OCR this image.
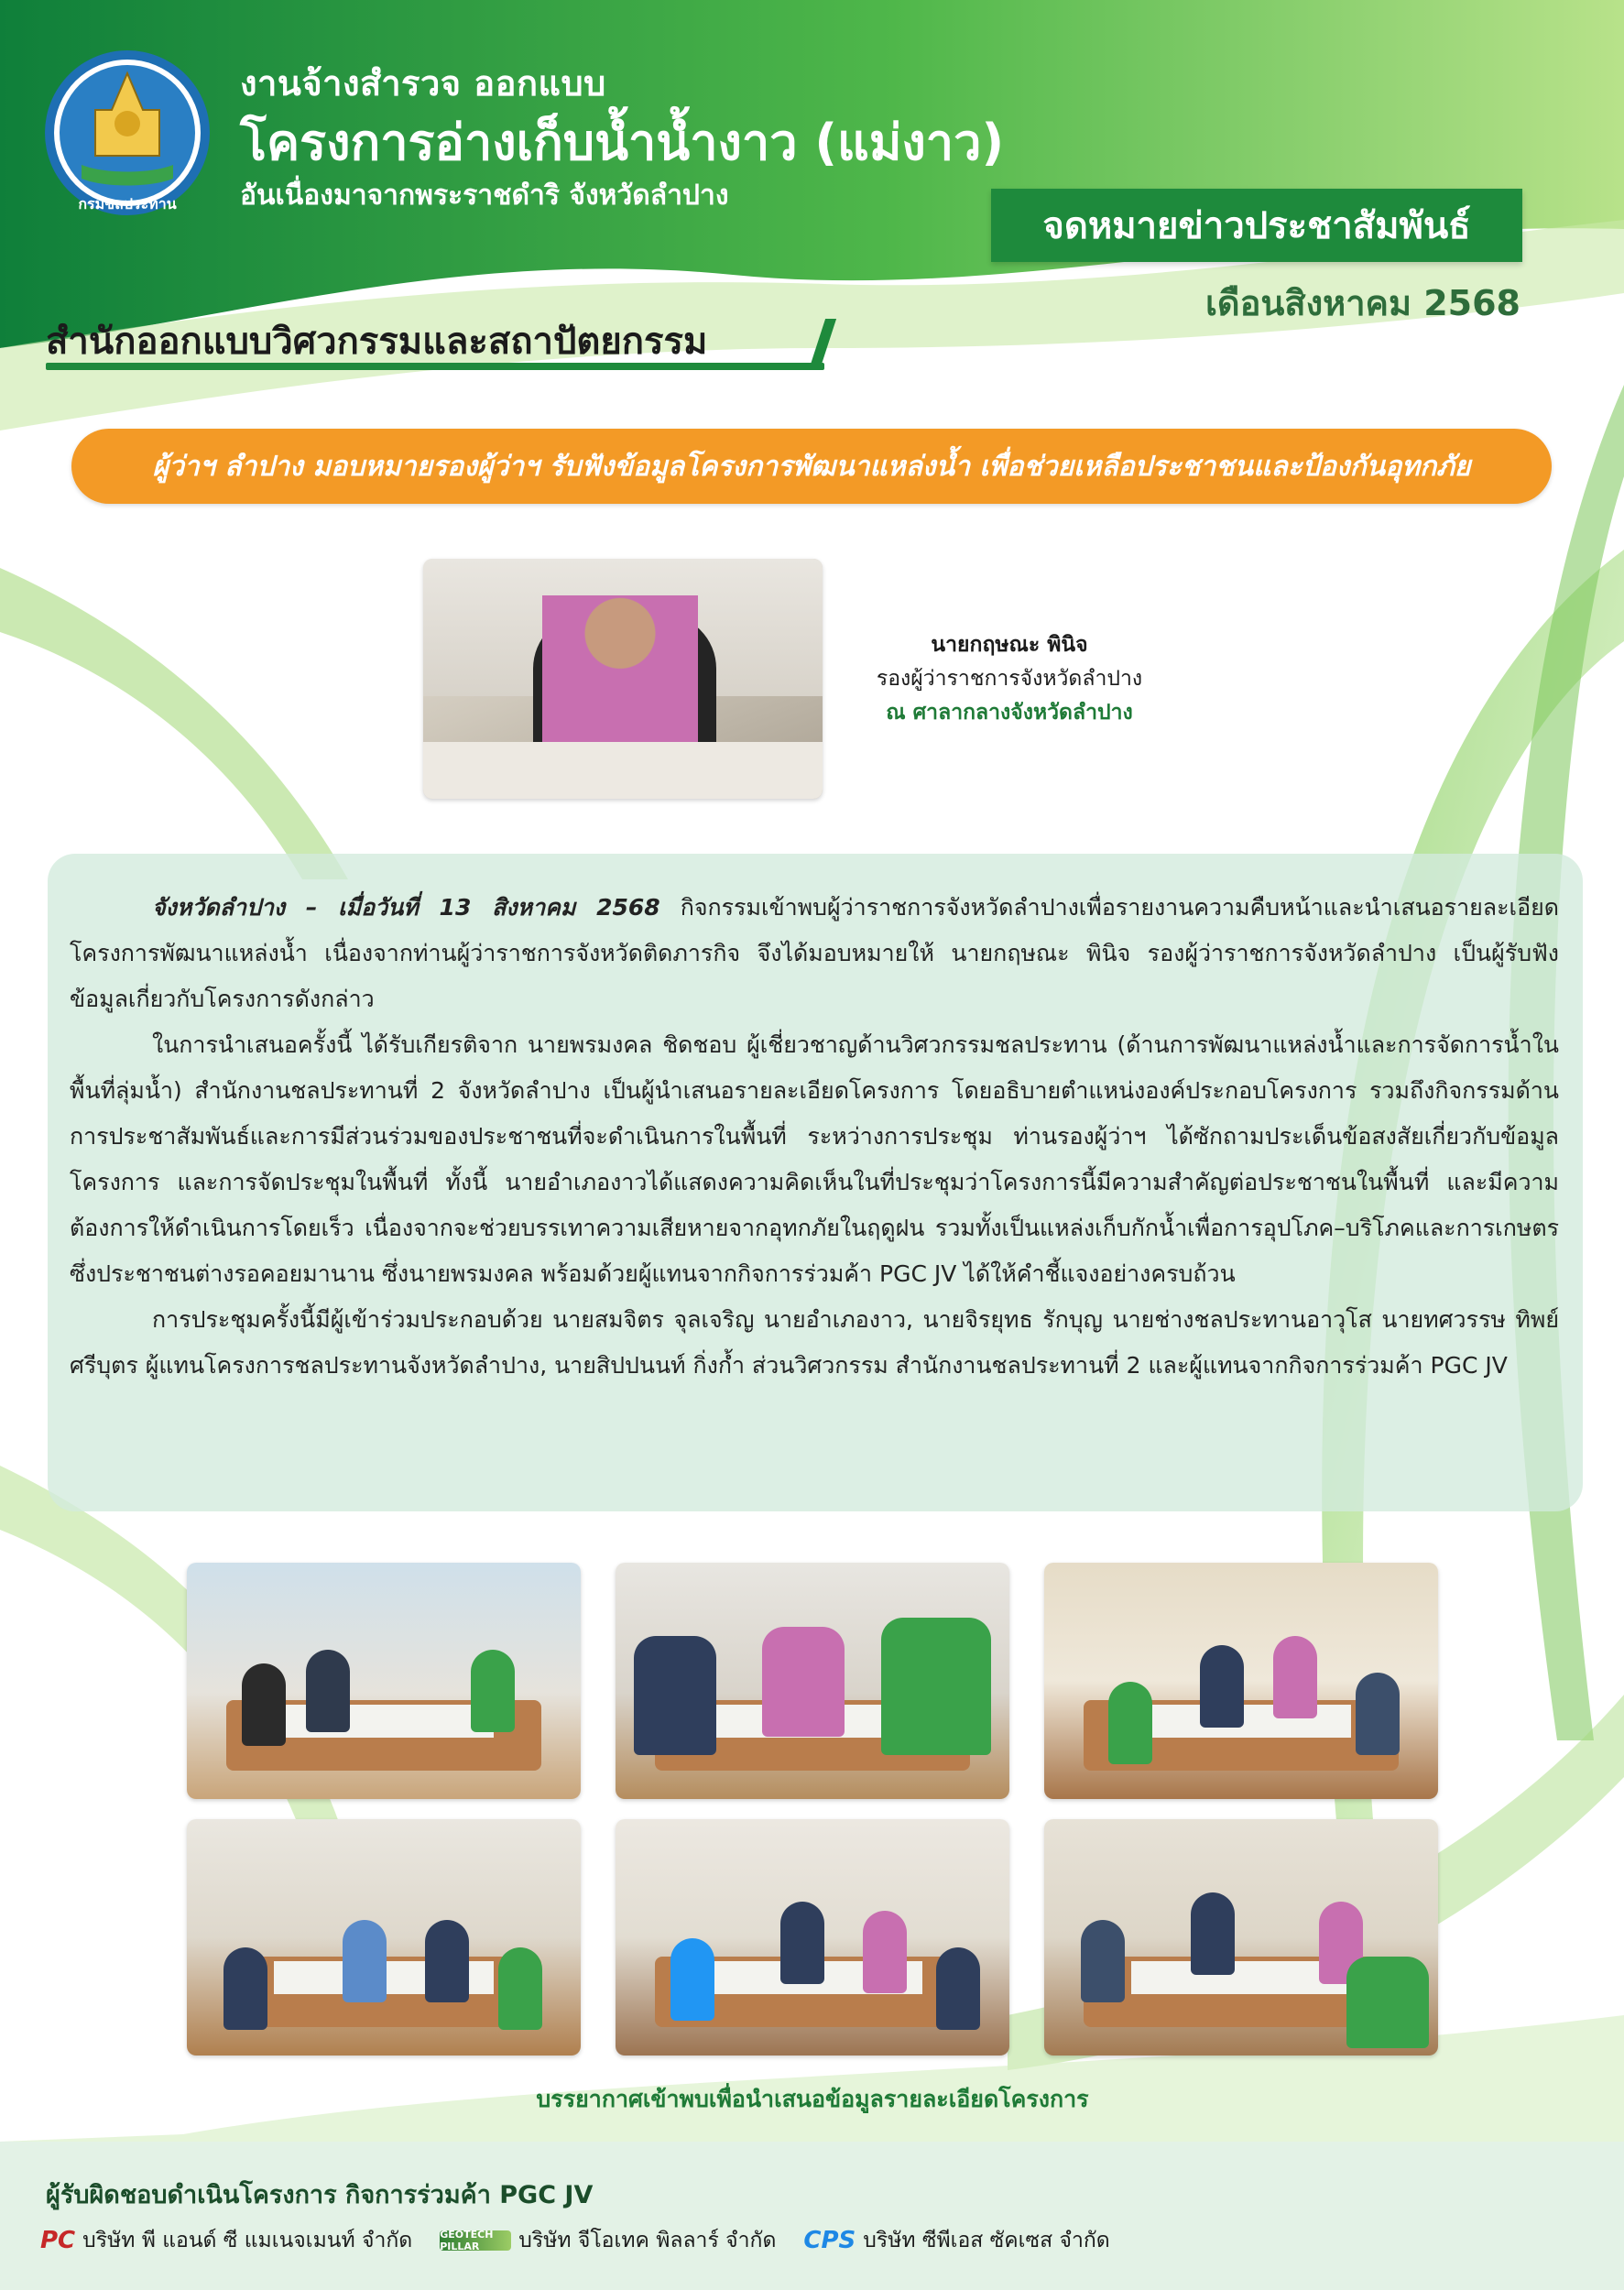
กรมชลประทาน
งานจ้างสำรวจ ออกแบบ
โครงการอ่างเก็บน้ำน้ำงาว (แม่งาว)
อันเนื่องมาจากพระราชดำริ จังหวัดลำปาง
จดหมายข่าวประชาสัมพันธ์
เดือนสิงหาคม 2568
สำนักออกแบบวิศวกรรมและสถาปัตยกรรม
ผู้ว่าฯ ลำปาง มอบหมายรองผู้ว่าฯ รับฟังข้อมูลโครงการพัฒนาแหล่งน้ำ เพื่อช่วยเหลือประชาชนและป้องกันอุทกภัย
นายกฤษณะ พินิจ
รองผู้ว่าราชการจังหวัดลำปาง
ณ ศาลากลางจังหวัดลำปาง

จังหวัดลำปาง – เมื่อวันที่ 13 สิงหาคม 2568 กิจกรรมเข้าพบผู้ว่าราชการจังหวัดลำปางเพื่อรายงานความคืบหน้าและนำเสนอรายละเอียดโครงการพัฒนาแหล่งน้ำ เนื่องจากท่านผู้ว่าราชการจังหวัดติดภารกิจ จึงได้มอบหมายให้ นายกฤษณะ พินิจ รองผู้ว่าราชการจังหวัดลำปาง เป็นผู้รับฟังข้อมูลเกี่ยวกับโครงการดังกล่าว

ในการนำเสนอครั้งนี้ ได้รับเกียรติจาก นายพรมงคล ชิดชอบ ผู้เชี่ยวชาญด้านวิศวกรรมชลประทาน (ด้านการพัฒนาแหล่งน้ำและการจัดการน้ำในพื้นที่ลุ่มน้ำ) สำนักงานชลประทานที่ 2 จังหวัดลำปาง เป็นผู้นำเสนอรายละเอียดโครงการ โดยอธิบายตำแหน่งองค์ประกอบโครงการ รวมถึงกิจกรรมด้านการประชาสัมพันธ์และการมีส่วนร่วมของประชาชนที่จะดำเนินการในพื้นที่ ระหว่างการประชุม ท่านรองผู้ว่าฯ ได้ซักถามประเด็นข้อสงสัยเกี่ยวกับข้อมูลโครงการ และการจัดประชุมในพื้นที่ ทั้งนี้ นายอำเภองาวได้แสดงความคิดเห็นในที่ประชุมว่าโครงการนี้มีความสำคัญต่อประชาชนในพื้นที่ และมีความต้องการให้ดำเนินการโดยเร็ว เนื่องจากจะช่วยบรรเทาความเสียหายจากอุทกภัยในฤดูฝน รวมทั้งเป็นแหล่งเก็บกักน้ำเพื่อการอุปโภค–บริโภคและการเกษตร ซึ่งประชาชนต่างรอคอยมานาน ซึ่งนายพรมงคล พร้อมด้วยผู้แทนจากกิจการร่วมค้า PGC JV ได้ให้คำชี้แจงอย่างครบถ้วน

การประชุมครั้งนี้มีผู้เข้าร่วมประกอบด้วย นายสมจิตร จุลเจริญ นายอำเภองาว, นายจิรยุทธ รักบุญ นายช่างชลประทานอาวุโส นายทศวรรษ ทิพย์ศรีบุตร ผู้แทนโครงการชลประทานจังหวัดลำปาง, นายสิปปนนท์ กิ่งก้ำ ส่วนวิศวกรรม สำนักงานชลประทานที่ 2 และผู้แทนจากกิจการร่วมค้า PGC JV

บรรยากาศเข้าพบเพื่อนำเสนอข้อมูลรายละเอียดโครงการ
ผู้รับผิดชอบดำเนินโครงการ กิจการร่วมค้า PGC JV
PC บริษัท พี แอนด์ ซี แมเนจเมนท์ จำกัด	GEOTECH PILLAR	บริษัท จีโอเทค พิลลาร์ จำกัด CPS บริษัท ซีพีเอส ซัคเซส จำกัด
